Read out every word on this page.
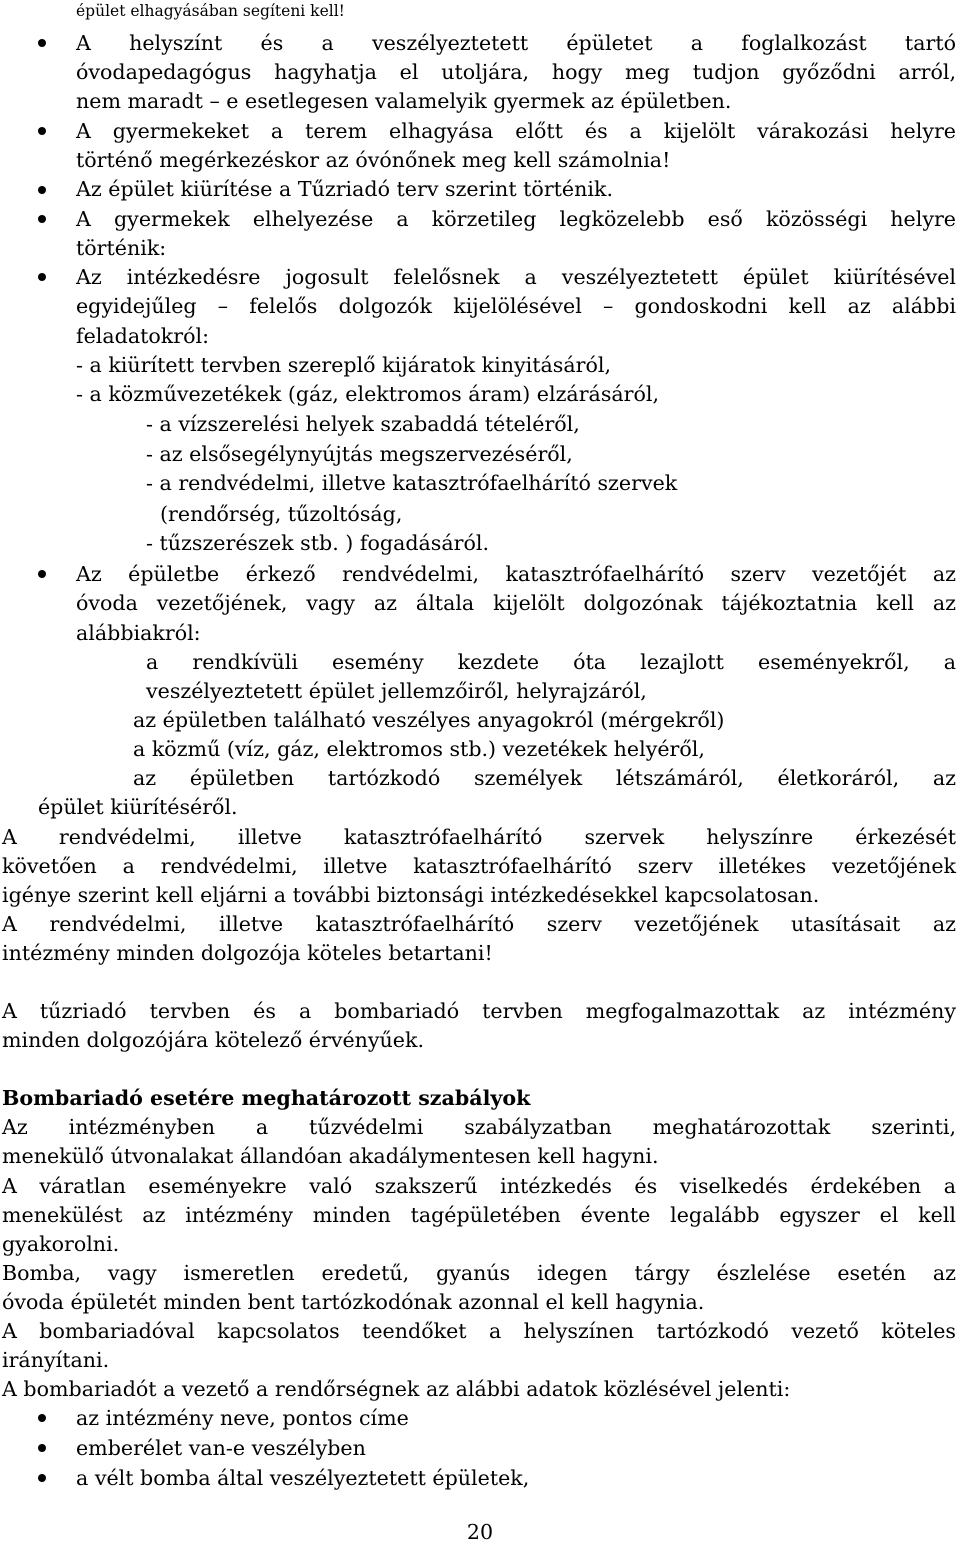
épület elhagyásában segíteni kell!
A helyszínt és a veszélyeztetett épületet a foglalkozást tartó
óvodapedagógus hagyhatja el utoljára, hogy meg tudjon győződni arról,
nem maradt – e esetlegesen valamelyik gyermek az épületben.
A gyermekeket a terem elhagyása előtt és a kijelölt várakozási helyre
történő megérkezéskor az óvónőnek meg kell számolnia!
Az épület kiürítése a Tűzriadó terv szerint történik.
A gyermekek elhelyezése a körzetileg legközelebb eső közösségi helyre
történik:
Az intézkedésre jogosult felelősnek a veszélyeztetett épület kiürítésével
egyidejűleg – felelős dolgozók kijelölésével – gondoskodni kell az alábbi
feladatokról:
- a kiürített tervben szereplő kijáratok kinyitásáról,
- a közművezetékek (gáz, elektromos áram) elzárásáról,
- a vízszerelési helyek szabaddá tételéről,
- az elsősegélynyújtás megszervezéséről,
- a rendvédelmi, illetve katasztrófaelhárító szervek
(rendőrség, tűzoltóság,
- tűzszerészek stb. ) fogadásáról.
Az épületbe érkező rendvédelmi, katasztrófaelhárító szerv vezetőjét az
óvoda vezetőjének, vagy az általa kijelölt dolgozónak tájékoztatnia kell az
alábbiakról:
a rendkívüli esemény kezdete óta lezajlott eseményekről, a
veszélyeztetett épület jellemzőiről, helyrajzáról,
az épületben található veszélyes anyagokról (mérgekről)
a közmű (víz, gáz, elektromos stb.) vezetékek helyéről,
az épületben tartózkodó személyek létszámáról, életkoráról, az
épület kiürítéséről.
A rendvédelmi, illetve katasztrófaelhárító szervek helyszínre érkezését
követően a rendvédelmi, illetve katasztrófaelhárító szerv illetékes vezetőjének
igénye szerint kell eljárni a további biztonsági intézkedésekkel kapcsolatosan.
A rendvédelmi, illetve katasztrófaelhárító szerv vezetőjének utasításait az
intézmény minden dolgozója köteles betartani!
A tűzriadó tervben és a bombariadó tervben megfogalmazottak az intézmény
minden dolgozójára kötelező érvényűek.
Bombariadó esetére meghatározott szabályok
Az intézményben a tűzvédelmi szabályzatban meghatározottak szerinti,
menekülő útvonalakat állandóan akadálymentesen kell hagyni.
A váratlan eseményekre való szakszerű intézkedés és viselkedés érdekében a
menekülést az intézmény minden tagépületében évente legalább egyszer el kell
gyakorolni.
Bomba, vagy ismeretlen eredetű, gyanús idegen tárgy észlelése esetén az
óvoda épületét minden bent tartózkodónak azonnal el kell hagynia.
A bombariadóval kapcsolatos teendőket a helyszínen tartózkodó vezető köteles
irányítani.
A bombariadót a vezető a rendőrségnek az alábbi adatok közlésével jelenti:
az intézmény neve, pontos címe
emberélet van-e veszélyben
a vélt bomba által veszélyeztetett épületek,
20
